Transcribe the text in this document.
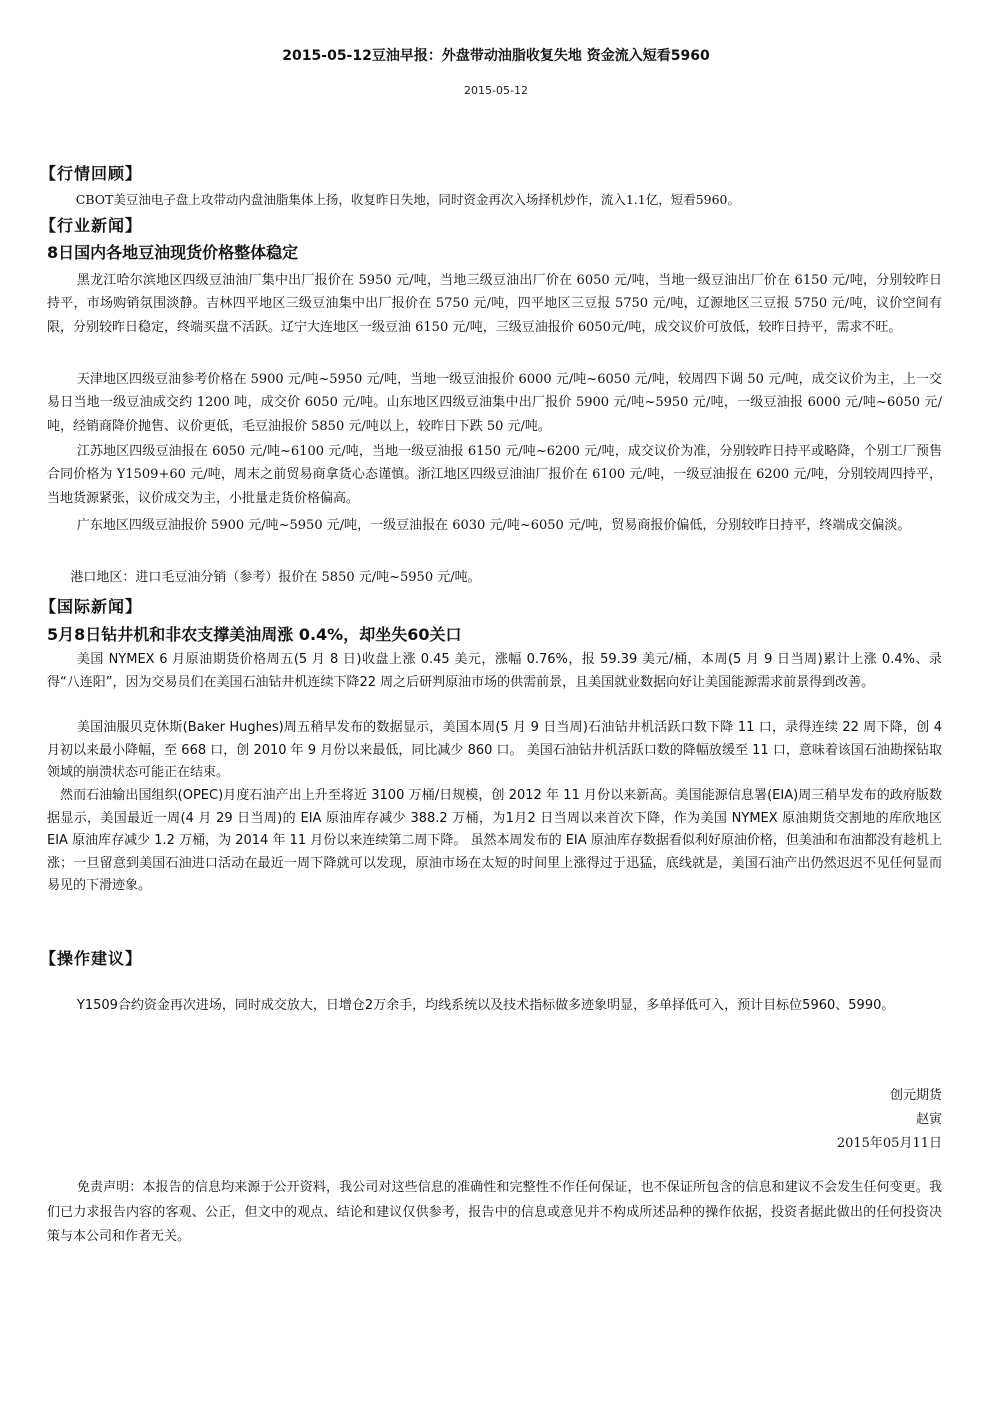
2015-05-12豆油早报：外盘带动油脂收复失地 资金流入短看5960
2015-05-12
【行情回顾】
CBOT美豆油电子盘上攻带动内盘油脂集体上扬，收复昨日失地，同时资金再次入场择机炒作，流入1.1亿，短看5960。
【行业新闻】
8日国内各地豆油现货价格整体稳定
黑龙江哈尔滨地区四级豆油油厂集中出厂报价在 5950 元/吨，当地三级豆油出厂价在 6050 元/吨，当地一级豆油出厂价在 6150 元/吨，分别较昨日持平，市场购销氛围淡静。吉林四平地区三级豆油集中出厂报价在 5750 元/吨，四平地区三豆报 5750 元/吨，辽源地区三豆报 5750 元/吨，议价空间有限，分别较昨日稳定，终端买盘不活跃。辽宁大连地区一级豆油 6150 元/吨，三级豆油报价 6050元/吨，成交议价可放低，较昨日持平，需求不旺。
天津地区四级豆油参考价格在 5900 元/吨~5950 元/吨，当地一级豆油报价 6000 元/吨~6050 元/吨，较周四下调 50 元/吨，成交议价为主，上一交易日当地一级豆油成交约 1200 吨，成交价 6050 元/吨。山东地区四级豆油集中出厂报价 5900 元/吨~5950 元/吨，一级豆油报 6000 元/吨~6050 元/吨，经销商降价抛售、议价更低，毛豆油报价 5850 元/吨以上，较昨日下跌 50 元/吨。
江苏地区四级豆油报在 6050 元/吨~6100 元/吨，当地一级豆油报 6150 元/吨~6200 元/吨，成交议价为准，分别较昨日持平或略降，个别工厂预售合同价格为 Y1509+60 元/吨，周末之前贸易商拿货心态谨慎。浙江地区四级豆油油厂报价在 6100 元/吨，一级豆油报在 6200 元/吨，分别较周四持平，当地货源紧张，议价成交为主，小批量走货价格偏高。
广东地区四级豆油报价 5900 元/吨~5950 元/吨，一级豆油报在 6030 元/吨~6050 元/吨，贸易商报价偏低，分别较昨日持平，终端成交偏淡。
港口地区：进口毛豆油分销（参考）报价在 5850 元/吨~5950 元/吨。
【国际新闻】
5月8日钻井机和非农支撑美油周涨 0.4%，却坐失60关口
美国 NYMEX 6 月原油期货价格周五(5 月 8 日)收盘上涨 0.45 美元，涨幅 0.76%，报 59.39 美元/桶，本周(5 月 9 日当周)累计上涨 0.4%、录得“八连阳”，因为交易员们在美国石油钻井机连续下降22 周之后研判原油市场的供需前景，且美国就业数据向好让美国能源需求前景得到改善。
美国油服贝克休斯(Baker Hughes)周五稍早发布的数据显示，美国本周(5 月 9 日当周)石油钻井机活跃口数下降 11 口，录得连续 22 周下降，创 4 月初以来最小降幅，至 668 口，创 2010 年 9 月份以来最低，同比减少 860 口。 美国石油钻井机活跃口数的降幅放缓至 11 口，意味着该国石油勘探钻取领域的崩溃状态可能正在结束。
然而石油输出国组织(OPEC)月度石油产出上升至将近 3100 万桶/日规模，创 2012 年 11 月份以来新高。美国能源信息署(EIA)周三稍早发布的政府版数据显示，美国最近一周(4 月 29 日当周)的 EIA 原油库存减少 388.2 万桶，为1月2 日当周以来首次下降，作为美国 NYMEX 原油期货交割地的库欣地区 EIA 原油库存减少 1.2 万桶，为 2014 年 11 月份以来连续第二周下降。 虽然本周发布的 EIA 原油库存数据看似利好原油价格，但美油和布油都没有趁机上涨；一旦留意到美国石油进口活动在最近一周下降就可以发现，原油市场在太短的时间里上涨得过于迅猛，底线就是，美国石油产出仍然迟迟不见任何显而易见的下滑迹象。
【操作建议】
Y1509合约资金再次进场，同时成交放大，日增仓2万余手，均线系统以及技术指标做多迹象明显，多单择低可入，预计目标位5960、5990。
创元期货
赵寅
2015年05月11日
免责声明：本报告的信息均来源于公开资料，我公司对这些信息的准确性和完整性不作任何保证，也不保证所包含的信息和建议不会发生任何变更。我们已力求报告内容的客观、公正，但文中的观点、结论和建议仅供参考，报告中的信息或意见并不构成所述品种的操作依据，投资者据此做出的任何投资决策与本公司和作者无关。
